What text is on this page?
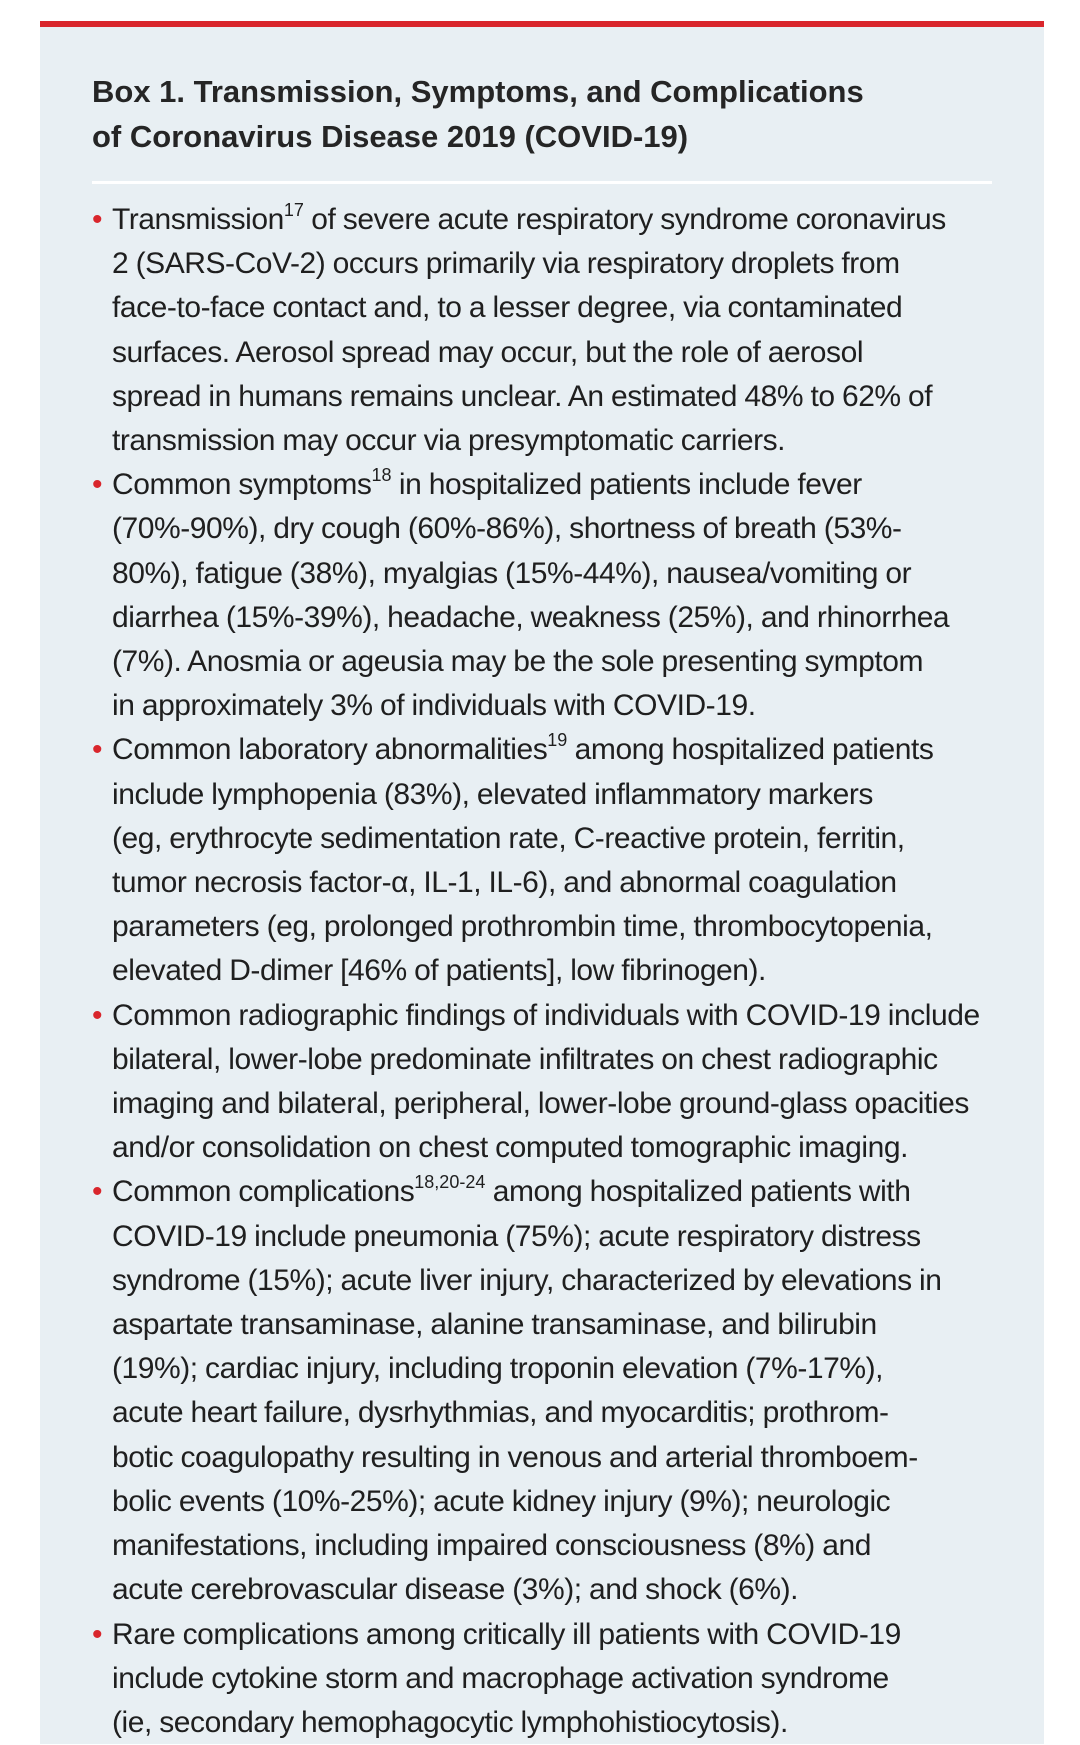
Box 1. Transmission, Symptoms, and Complications
of Coronavirus Disease 2019 (COVID-19)
• Transmission$^{17}$ of severe acute respiratory syndrome coronavirus
2 (SARS-CoV-2) occurs primarily via respiratory droplets from
face-to-face contact and, to a lesser degree, via contaminated
surfaces. Aerosol spread may occur, but the role of aerosol
spread in humans remains unclear. An estimated 48% to 62% of
transmission may occur via presymptomatic carriers.
• Common symptoms$^{18}$ in hospitalized patients include fever
(70%-90%), dry cough (60%-86%), shortness of breath (53%-
80%), fatigue (38%), myalgias (15%-44%), nausea/vomiting or
diarrhea (15%-39%), headache, weakness (25%), and rhinorrhea
(7%). Anosmia or ageusia may be the sole presenting symptom
in approximately 3% of individuals with COVID-19.
• Common laboratory abnormalities$^{19}$ among hospitalized patients
include lymphopenia (83%), elevated inflammatory markers
(eg, erythrocyte sedimentation rate, C-reactive protein, ferritin,
tumor necrosis factor-α, IL-1, IL-6), and abnormal coagulation
parameters (eg, prolonged prothrombin time, thrombocytopenia,
elevated D-dimer [46% of patients], low fibrinogen).
• Common radiographic findings of individuals with COVID-19 include
bilateral, lower-lobe predominate infiltrates on chest radiographic
imaging and bilateral, peripheral, lower-lobe ground-glass opacities
and/or consolidation on chest computed tomographic imaging.
• Common complications$^{18,20-24}$ among hospitalized patients with
COVID-19 include pneumonia (75%); acute respiratory distress
syndrome (15%); acute liver injury, characterized by elevations in
aspartate transaminase, alanine transaminase, and bilirubin
(19%); cardiac injury, including troponin elevation (7%-17%),
acute heart failure, dysrhythmias, and myocarditis; prothrom-
botic coagulopathy resulting in venous and arterial thromboem-
bolic events (10%-25%); acute kidney injury (9%); neurologic
manifestations, including impaired consciousness (8%) and
acute cerebrovascular disease (3%); and shock (6%).
• Rare complications among critically ill patients with COVID-19
include cytokine storm and macrophage activation syndrome
(ie, secondary hemophagocytic lymphohistiocytosis).
